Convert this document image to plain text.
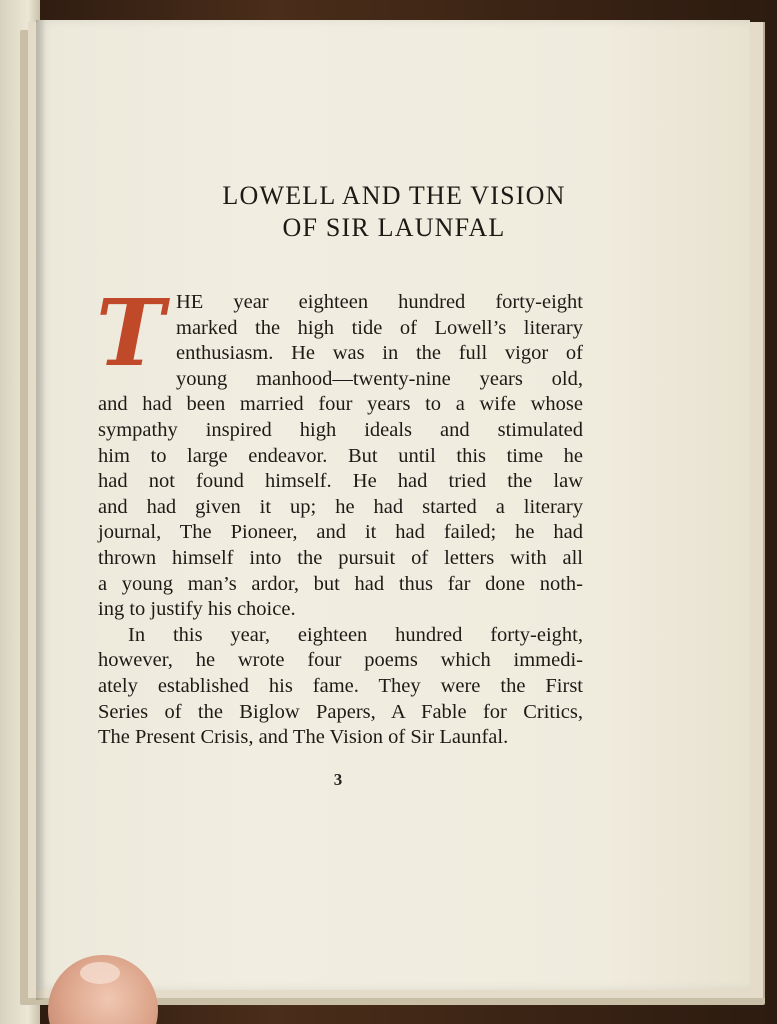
LOWELL AND THE VISION
OF SIR LAUNFAL
T HE year eighteen hundred forty-eight
marked the high tide of Lowell’s literary
enthusiasm. He was in the full vigor of
young manhood—twenty-nine years old,
and had been married four years to a wife whose
sympathy inspired high ideals and stimulated
him to large endeavor. But until this time he
had not found himself. He had tried the law
and had given it up; he had started a literary
journal, The Pioneer, and it had failed; he had
thrown himself into the pursuit of letters with all
a young man’s ardor, but had thus far done noth-
ing to justify his choice.
In this year, eighteen hundred forty-eight,
however, he wrote four poems which immedi-
ately established his fame. They were the First
Series of the Biglow Papers, A Fable for Critics,
The Present Crisis, and The Vision of Sir Launfal.
3
